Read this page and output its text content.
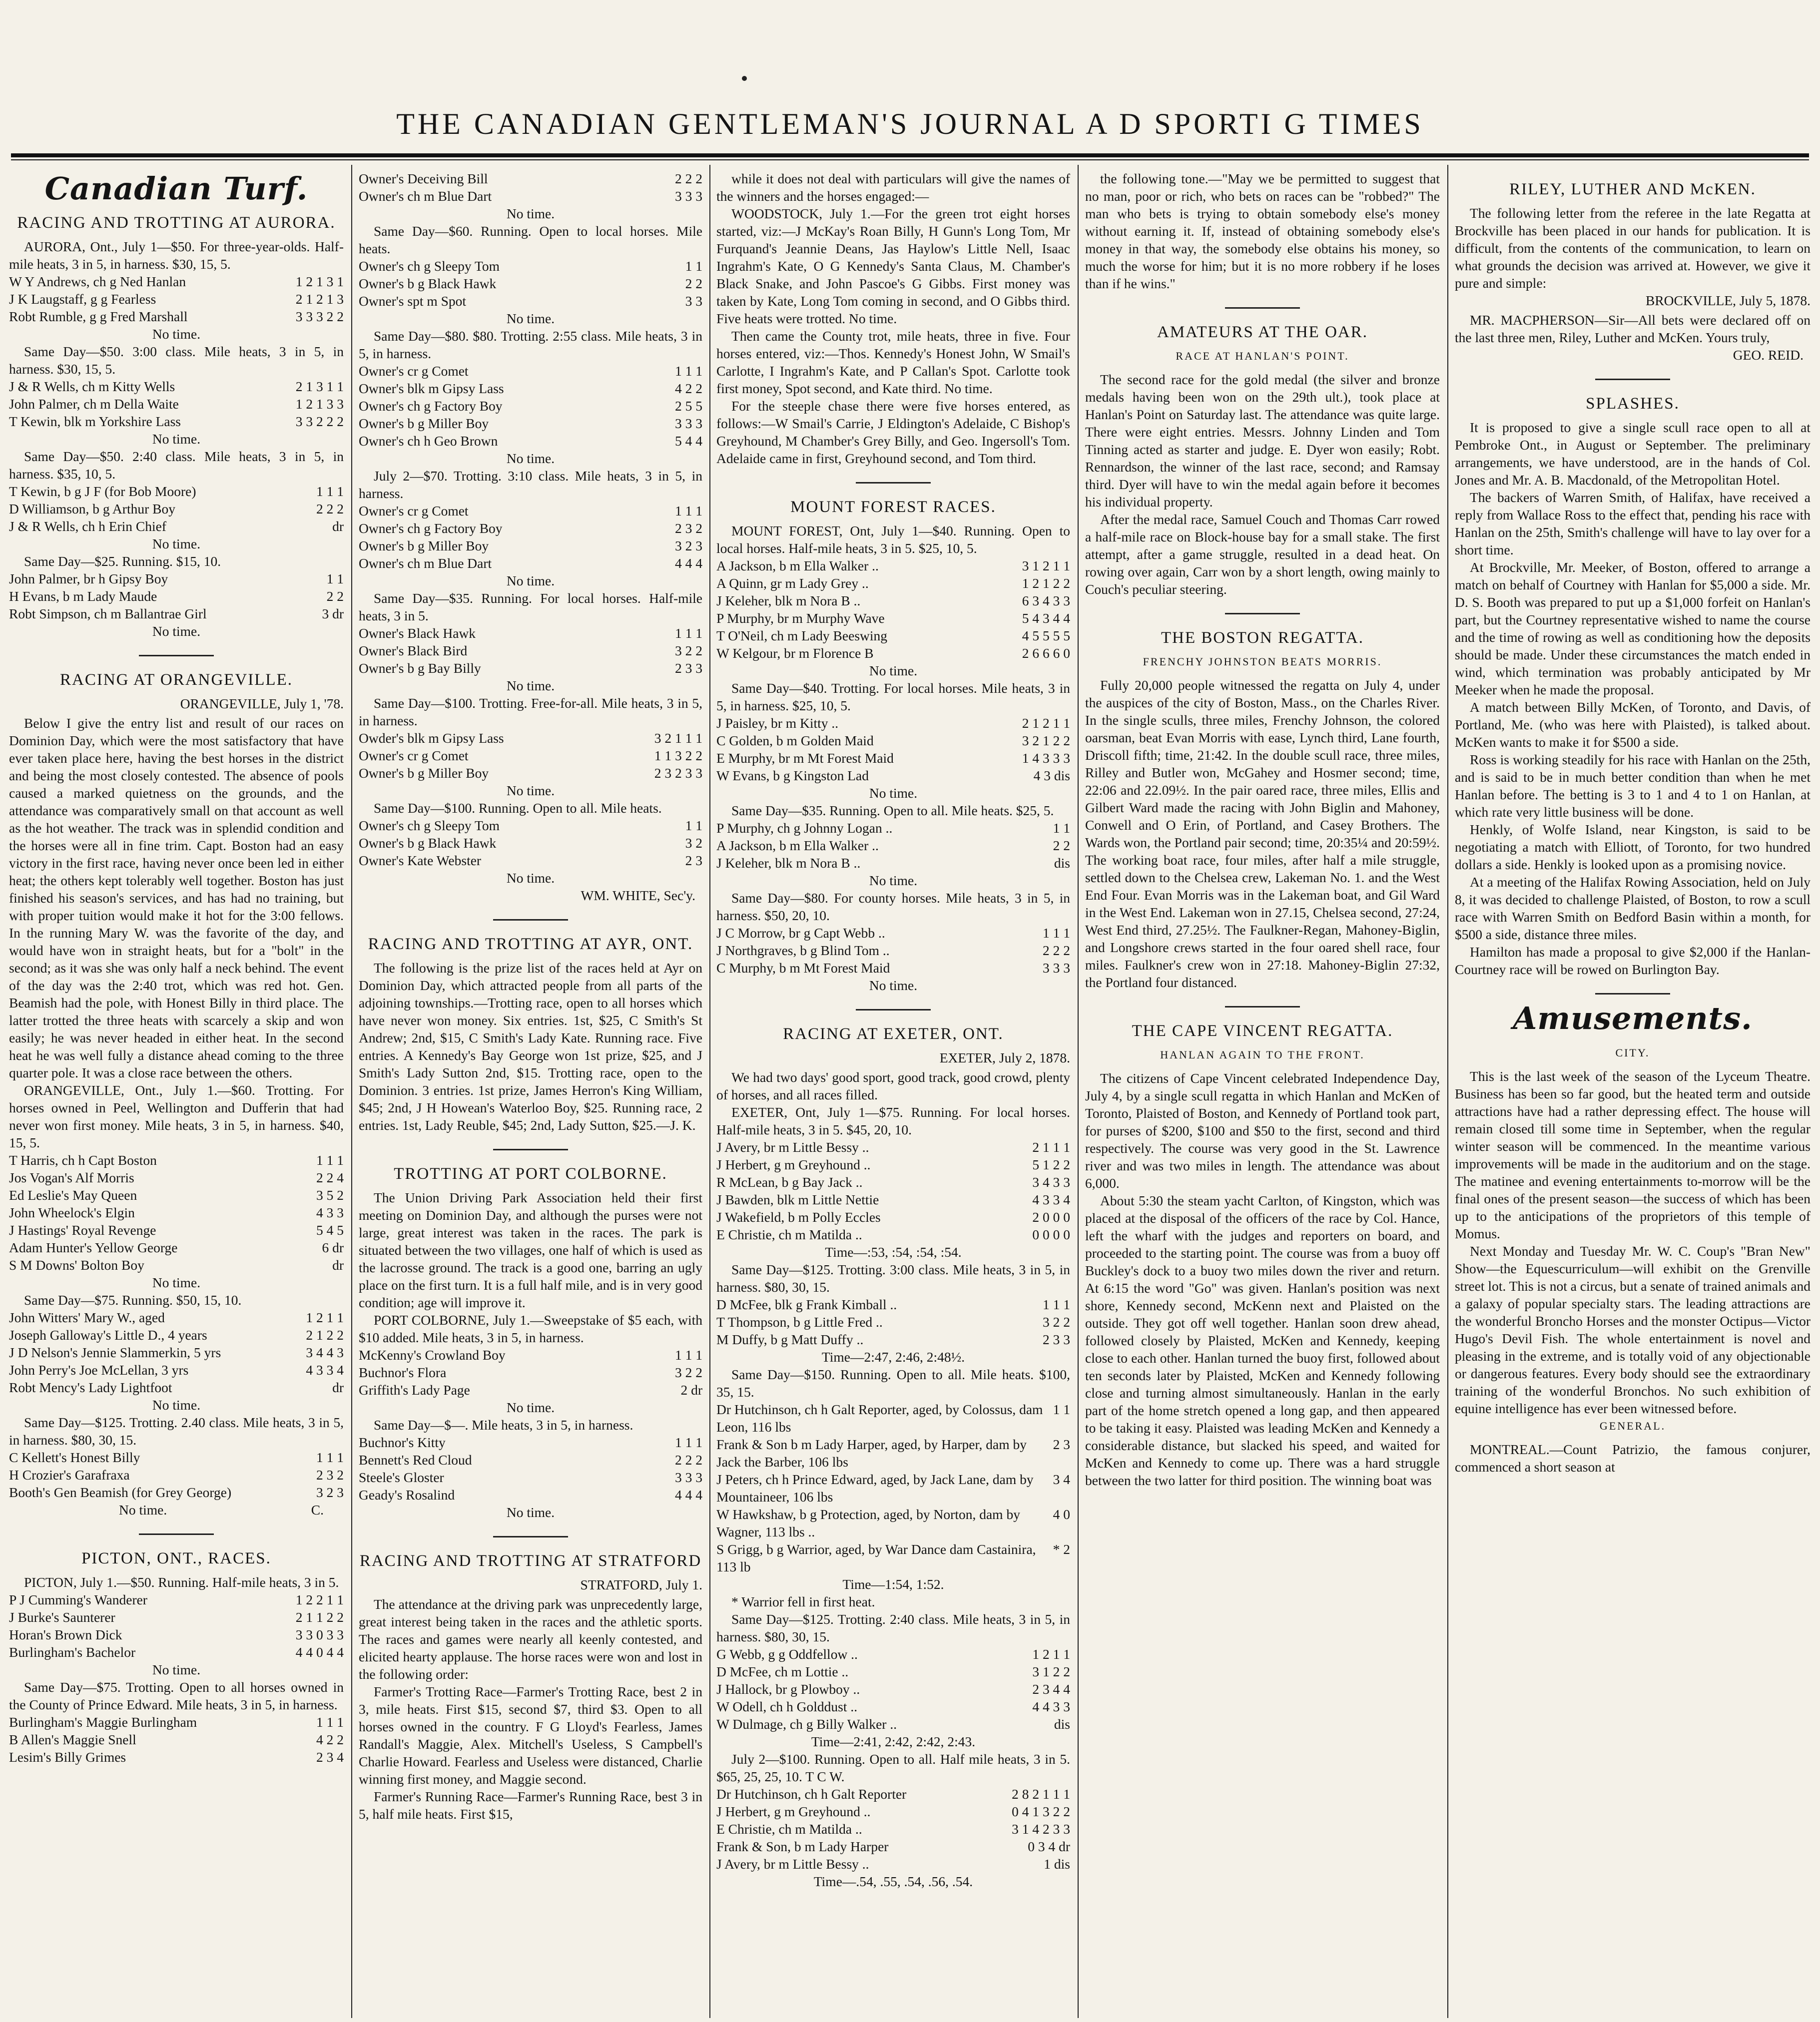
THE CANADIAN GENTLEMAN'S JOURNAL A D SPORTI G TIMES
Canadian Turf.
RACING AND TROTTING AT AURORA.

AURORA, Ont., July 1—$50. For three-year-olds. Half-mile heats, 3 in 5, in harness. $30, 15, 5.

W Y Andrews, ch g Ned Hanlan	1 2 1 3 1
J K Laugstaff, g g Fearless	2 1 2 1 3
Robt Rumble, g g Fred Marshall	3 3 3 2 2
No time.

Same Day—$50. 3:00 class. Mile heats, 3 in 5, in harness. $30, 15, 5.

J & R Wells, ch m Kitty Wells	2 1 3 1 1
John Palmer, ch m Della Waite	1 2 1 3 3
T Kewin, blk m Yorkshire Lass	3 3 2 2 2
No time.

Same Day—$50. 2:40 class. Mile heats, 3 in 5, in harness. $35, 10, 5.

T Kewin, b g J F (for Bob Moore)	1 1 1
D Williamson, b g Arthur Boy	2 2 2
J & R Wells, ch h Erin Chief	dr
No time.

Same Day—$25. Running. $15, 10.

John Palmer, br h Gipsy Boy	1 1
H Evans, b m Lady Maude	2 2
Robt Simpson, ch m Ballantrae Girl	3 dr
No time.
RACING AT ORANGEVILLE.
ORANGEVILLE, July 1, '78.

Below I give the entry list and result of our races on Dominion Day, which were the most satisfactory that have ever taken place here, having the best horses in the district and being the most closely contested. The absence of pools caused a marked quietness on the grounds, and the attendance was comparatively small on that account as well as the hot weather. The track was in splendid condition and the horses were all in fine trim. Capt. Boston had an easy victory in the first race, having never once been led in either heat; the others kept tolerably well together. Boston has just finished his season's services, and has had no training, but with proper tuition would make it hot for the 3:00 fellows. In the running Mary W. was the favorite of the day, and would have won in straight heats, but for a "bolt" in the second; as it was she was only half a neck behind. The event of the day was the 2:40 trot, which was red hot. Gen. Beamish had the pole, with Honest Billy in third place. The latter trotted the three heats with scarcely a skip and won easily; he was never headed in either heat. In the second heat he was well fully a distance ahead coming to the three quarter pole. It was a close race between the others.

ORANGEVILLE, Ont., July 1.—$60. Trotting. For horses owned in Peel, Wellington and Dufferin that had never won first money. Mile heats, 3 in 5, in harness. $40, 15, 5.

T Harris, ch h Capt Boston	1 1 1
Jos Vogan's Alf Morris	2 2 4
Ed Leslie's May Queen	3 5 2
John Wheelock's Elgin	4 3 3
J Hastings' Royal Revenge	5 4 5
Adam Hunter's Yellow George	6 dr
S M Downs' Bolton Boy	dr
No time.

Same Day—$75. Running. $50, 15, 10.

John Witters' Mary W., aged	1 2 1 1
Joseph Galloway's Little D., 4 years	2 1 2 2
J D Nelson's Jennie Slammerkin, 5 yrs	3 4 4 3
John Perry's Joe McLellan, 3 yrs	4 3 3 4
Robt Mency's Lady Lightfoot	dr
No time.

Same Day—$125. Trotting. 2.40 class. Mile heats, 3 in 5, in harness. $80, 30, 15.

C Kellett's Honest Billy	1 1 1
H Crozier's Garafraxa	2 3 2
Booth's Gen Beamish (for Grey George)	3 2 3
No time.	C.
PICTON, ONT., RACES.

PICTON, July 1.—$50. Running. Half-mile heats, 3 in 5.

P J Cumming's Wanderer	1 2 2 1 1
J Burke's Saunterer	2 1 1 2 2
Horan's Brown Dick	3 3 0 3 3
Burlingham's Bachelor	4 4 0 4 4
No time.

Same Day—$75. Trotting. Open to all horses owned in the County of Prince Edward. Mile heats, 3 in 5, in harness.

Burlingham's Maggie Burlingham	1 1 1
B Allen's Maggie Snell	4 2 2
Lesim's Billy Grimes	2 3 4
Owner's Deceiving Bill	2 2 2
Owner's ch m Blue Dart	3 3 3
No time.

Same Day—$60. Running. Open to local horses. Mile heats.

Owner's ch g Sleepy Tom	1 1
Owner's b g Black Hawk	2 2
Owner's spt m Spot	3 3
No time.

Same Day—$80. $80. Trotting. 2:55 class. Mile heats, 3 in 5, in harness.

Owner's cr g Comet	1 1 1
Owner's blk m Gipsy Lass	4 2 2
Owner's ch g Factory Boy	2 5 5
Owner's b g Miller Boy	3 3 3
Owner's ch h Geo Brown	5 4 4
No time.

July 2—$70. Trotting. 3:10 class. Mile heats, 3 in 5, in harness.

Owner's cr g Comet	1 1 1
Owner's ch g Factory Boy	2 3 2
Owner's b g Miller Boy	3 2 3
Owner's ch m Blue Dart	4 4 4
No time.

Same Day—$35. Running. For local horses. Half-mile heats, 3 in 5.

Owner's Black Hawk	1 1 1
Owner's Black Bird	3 2 2
Owner's b g Bay Billy	2 3 3
No time.

Same Day—$100. Trotting. Free-for-all. Mile heats, 3 in 5, in harness.

Owder's blk m Gipsy Lass	3 2 1 1 1
Owner's cr g Comet	1 1 3 2 2
Owner's b g Miller Boy	2 3 2 3 3
No time.

Same Day—$100. Running. Open to all. Mile heats.

Owner's ch g Sleepy Tom	1 1
Owner's b g Black Hawk	3 2
Owner's Kate Webster	2 3
No time.
WM. WHITE, Sec'y.
RACING AND TROTTING AT AYR, ONT.

The following is the prize list of the races held at Ayr on Dominion Day, which attracted people from all parts of the adjoining townships.—Trotting race, open to all horses which have never won money. Six entries. 1st, $25, C Smith's St Andrew; 2nd, $15, C Smith's Lady Kate. Running race. Five entries. A Kennedy's Bay George won 1st prize, $25, and J Smith's Lady Sutton 2nd, $15. Trotting race, open to the Dominion. 3 entries. 1st prize, James Herron's King William, $45; 2nd, J H Howean's Waterloo Boy, $25. Running race, 2 entries. 1st, Lady Reuble, $45; 2nd, Lady Sutton, $25.—J. K.

TROTTING AT PORT COLBORNE.

The Union Driving Park Association held their first meeting on Dominion Day, and although the purses were not large, great interest was taken in the races. The park is situated between the two villages, one half of which is used as the lacrosse ground. The track is a good one, barring an ugly place on the first turn. It is a full half mile, and is in very good condition; age will improve it.

PORT COLBORNE, July 1.—Sweepstake of $5 each, with $10 added. Mile heats, 3 in 5, in harness.

McKenny's Crowland Boy	1 1 1
Buchnor's Flora	3 2 2
Griffith's Lady Page	2 dr
No time.

Same Day—$—. Mile heats, 3 in 5, in harness.

Buchnor's Kitty	1 1 1
Bennett's Red Cloud	2 2 2
Steele's Gloster	3 3 3
Geady's Rosalind	4 4 4
No time.
RACING AND TROTTING AT STRATFORD
STRATFORD, July 1.

The attendance at the driving park was unprecedently large, great interest being taken in the races and the athletic sports. The races and games were nearly all keenly contested, and elicited hearty applause. The horse races were won and lost in the following order:

Farmer's Trotting Race—Farmer's Trotting Race, best 2 in 3, mile heats. First $15, second $7, third $3. Open to all horses owned in the country. F G Lloyd's Fearless, James Randall's Maggie, Alex. Mitchell's Useless, S Campbell's Charlie Howard. Fearless and Useless were distanced, Charlie winning first money, and Maggie second.

Farmer's Running Race—Farmer's Running Race, best 3 in 5, half mile heats. First $15,

while it does not deal with particulars will give the names of the winners and the horses engaged:—

WOODSTOCK, July 1.—For the green trot eight horses started, viz:—J McKay's Roan Billy, H Gunn's Long Tom, Mr Furquand's Jeannie Deans, Jas Haylow's Little Nell, Isaac Ingrahm's Kate, O G Kennedy's Santa Claus, M. Chamber's Black Snake, and John Pascoe's G Gibbs. First money was taken by Kate, Long Tom coming in second, and O Gibbs third. Five heats were trotted. No time.

Then came the County trot, mile heats, three in five. Four horses entered, viz:—Thos. Kennedy's Honest John, W Smail's Carlotte, I Ingrahm's Kate, and P Callan's Spot. Carlotte took first money, Spot second, and Kate third. No time.

For the steeple chase there were five horses entered, as follows:—W Smail's Carrie, J Eldington's Adelaide, C Bishop's Greyhound, M Chamber's Grey Billy, and Geo. Ingersoll's Tom. Adelaide came in first, Greyhound second, and Tom third.

MOUNT FOREST RACES.

MOUNT FOREST, Ont, July 1—$40. Running. Open to local horses. Half-mile heats, 3 in 5. $25, 10, 5.

A Jackson, b m Ella Walker ..	3 1 2 1 1
A Quinn, gr m Lady Grey ..	1 2 1 2 2
J Keleher, blk m Nora B ..	6 3 4 3 3
P Murphy, br m Murphy Wave	5 4 3 4 4
T O'Neil, ch m Lady Beeswing	4 5 5 5 5
W Kelgour, br m Florence B	2 6 6 6 0
No time.

Same Day—$40. Trotting. For local horses. Mile heats, 3 in 5, in harness. $25, 10, 5.

J Paisley, br m Kitty ..	2 1 2 1 1
C Golden, b m Golden Maid	3 2 1 2 2
E Murphy, br m Mt Forest Maid	1 4 3 3 3
W Evans, b g Kingston Lad	4 3 dis
No time.

Same Day—$35. Running. Open to all. Mile heats. $25, 5.

P Murphy, ch g Johnny Logan ..	1 1
A Jackson, b m Ella Walker ..	2 2
J Keleher, blk m Nora B ..	dis
No time.

Same Day—$80. For county horses. Mile heats, 3 in 5, in harness. $50, 20, 10.

J C Morrow, br g Capt Webb ..	1 1 1
J Northgraves, b g Blind Tom ..	2 2 2
C Murphy, b m Mt Forest Maid	3 3 3
No time.
RACING AT EXETER, ONT.
EXETER, July 2, 1878.

We had two days' good sport, good track, good crowd, plenty of horses, and all races filled.

EXETER, Ont, July 1—$75. Running. For local horses. Half-mile heats, 3 in 5. $45, 20, 10.

J Avery, br m Little Bessy ..	2 1 1 1
J Herbert, g m Greyhound ..	5 1 2 2
R McLean, b g Bay Jack ..	3 4 3 3
J Bawden, blk m Little Nettie	4 3 3 4
J Wakefield, b m Polly Eccles	2 0 0 0
E Christie, ch m Matilda ..	0 0 0 0
Time—:53, :54, :54, :54.

Same Day—$125. Trotting. 3:00 class. Mile heats, 3 in 5, in harness. $80, 30, 15.

D McFee, blk g Frank Kimball ..	1 1 1
T Thompson, b g Little Fred ..	3 2 2
M Duffy, b g Matt Duffy ..	2 3 3
Time—2:47, 2:46, 2:48½.

Same Day—$150. Running. Open to all. Mile heats. $100, 35, 15.

Dr Hutchinson, ch h Galt Reporter, aged, by Colossus, dam Leon, 116 lbs
1 1
Frank & Son b m Lady Harper, aged, by Harper, dam by Jack the Barber, 106 lbs
2 3
J Peters, ch h Prince Edward, aged, by Jack Lane, dam by Mountaineer, 106 lbs
3 4
W Hawkshaw, b g Protection, aged, by Norton, dam by Wagner, 113 lbs ..
4 0
S Grigg, b g Warrior, aged, by War Dance dam Castainira, 113 lb
* 2
Time—1:54, 1:52.

* Warrior fell in first heat.

Same Day—$125. Trotting. 2:40 class. Mile heats, 3 in 5, in harness. $80, 30, 15.

G Webb, g g Oddfellow ..	1 2 1 1
D McFee, ch m Lottie ..	3 1 2 2
J Hallock, br g Plowboy ..	2 3 4 4
W Odell, ch h Golddust ..	4 4 3 3
W Dulmage, ch g Billy Walker ..	dis
Time—2:41, 2:42, 2:42, 2:43.

July 2—$100. Running. Open to all. Half mile heats, 3 in 5. $65, 25, 25, 10. T C W.

Dr Hutchinson, ch h Galt Reporter	2 8 2 1 1 1
J Herbert, g m Greyhound ..	0 4 1 3 2 2
E Christie, ch m Matilda ..	3 1 4 2 3 3
Frank & Son, b m Lady Harper	0 3 4 dr
J Avery, br m Little Bessy ..	1 dis
Time—.54, .55, .54, .56, .54.

the following tone.—"May we be permitted to suggest that no man, poor or rich, who bets on races can be "robbed?" The man who bets is trying to obtain somebody else's money without earning it. If, instead of obtaining somebody else's money in that way, the somebody else obtains his money, so much the worse for him; but it is no more robbery if he loses than if he wins."

AMATEURS AT THE OAR.
RACE AT HANLAN'S POINT.

The second race for the gold medal (the silver and bronze medals having been won on the 29th ult.), took place at Hanlan's Point on Saturday last. The attendance was quite large. There were eight entries. Messrs. Johnny Linden and Tom Tinning acted as starter and judge. E. Dyer won easily; Robt. Rennardson, the winner of the last race, second; and Ramsay third. Dyer will have to win the medal again before it becomes his individual property.

After the medal race, Samuel Couch and Thomas Carr rowed a half-mile race on Block-house bay for a small stake. The first attempt, after a game struggle, resulted in a dead heat. On rowing over again, Carr won by a short length, owing mainly to Couch's peculiar steering.

THE BOSTON REGATTA.
FRENCHY JOHNSTON BEATS MORRIS.

Fully 20,000 people witnessed the regatta on July 4, under the auspices of the city of Boston, Mass., on the Charles River. In the single sculls, three miles, Frenchy Johnson, the colored oarsman, beat Evan Morris with ease, Lynch third, Lane fourth, Driscoll fifth; time, 21:42. In the double scull race, three miles, Rilley and Butler won, McGahey and Hosmer second; time, 22:06 and 22.09½. In the pair oared race, three miles, Ellis and Gilbert Ward made the racing with John Biglin and Mahoney, Conwell and O Erin, of Portland, and Casey Brothers. The Wards won, the Portland pair second; time, 20:35¼ and 20:59½. The working boat race, four miles, after half a mile struggle, settled down to the Chelsea crew, Lakeman No. 1. and the West End Four. Evan Morris was in the Lakeman boat, and Gil Ward in the West End. Lakeman won in 27.15, Chelsea second, 27:24, West End third, 27.25½. The Faulkner-Regan, Mahoney-Biglin, and Longshore crews started in the four oared shell race, four miles. Faulkner's crew won in 27:18. Mahoney-Biglin 27:32, the Portland four distanced.

THE CAPE VINCENT REGATTA.
HANLAN AGAIN TO THE FRONT.

The citizens of Cape Vincent celebrated Independence Day, July 4, by a single scull regatta in which Hanlan and McKen of Toronto, Plaisted of Boston, and Kennedy of Portland took part, for purses of $200, $100 and $50 to the first, second and third respectively. The course was very good in the St. Lawrence river and was two miles in length. The attendance was about 6,000.

About 5:30 the steam yacht Carlton, of Kingston, which was placed at the disposal of the officers of the race by Col. Hance, left the wharf with the judges and reporters on board, and proceeded to the starting point. The course was from a buoy off Buckley's dock to a buoy two miles down the river and return. At 6:15 the word "Go" was given. Hanlan's position was next shore, Kennedy second, McKenn next and Plaisted on the outside. They got off well together. Hanlan soon drew ahead, followed closely by Plaisted, McKen and Kennedy, keeping close to each other. Hanlan turned the buoy first, followed about ten seconds later by Plaisted, McKen and Kennedy following close and turning almost simultaneously. Hanlan in the early part of the home stretch opened a long gap, and then appeared to be taking it easy. Plaisted was leading McKen and Kennedy a considerable distance, but slacked his speed, and waited for McKen and Kennedy to come up. There was a hard struggle between the two latter for third position. The winning boat was

RILEY, LUTHER AND McKEN.

The following letter from the referee in the late Regatta at Brockville has been placed in our hands for publication. It is difficult, from the contents of the communication, to learn on what grounds the decision was arrived at. However, we give it pure and simple:

BROCKVILLE, July 5, 1878.

MR. MACPHERSON—Sir—All bets were declared off on the last three men, Riley, Luther and McKen. Yours truly,

GEO. REID.
SPLASHES.

It is proposed to give a single scull race open to all at Pembroke Ont., in August or September. The preliminary arrangements, we have understood, are in the hands of Col. Jones and Mr. A. B. Macdonald, of the Metropolitan Hotel.

The backers of Warren Smith, of Halifax, have received a reply from Wallace Ross to the effect that, pending his race with Hanlan on the 25th, Smith's challenge will have to lay over for a short time.

At Brockville, Mr. Meeker, of Boston, offered to arrange a match on behalf of Courtney with Hanlan for $5,000 a side. Mr. D. S. Booth was prepared to put up a $1,000 forfeit on Hanlan's part, but the Courtney representative wished to name the course and the time of rowing as well as conditioning how the deposits should be made. Under these circumstances the match ended in wind, which termination was probably anticipated by Mr Meeker when he made the proposal.

A match between Billy McKen, of Toronto, and Davis, of Portland, Me. (who was here with Plaisted), is talked about. McKen wants to make it for $500 a side.

Ross is working steadily for his race with Hanlan on the 25th, and is said to be in much better condition than when he met Hanlan before. The betting is 3 to 1 and 4 to 1 on Hanlan, at which rate very little business will be done.

Henkly, of Wolfe Island, near Kingston, is said to be negotiating a match with Elliott, of Toronto, for two hundred dollars a side. Henkly is looked upon as a promising novice.

At a meeting of the Halifax Rowing Association, held on July 8, it was decided to challenge Plaisted, of Boston, to row a scull race with Warren Smith on Bedford Basin within a month, for $500 a side, distance three miles.

Hamilton has made a proposal to give $2,000 if the Hanlan-Courtney race will be rowed on Burlington Bay.

Amusements.
CITY.

This is the last week of the season of the Lyceum Theatre. Business has been so far good, but the heated term and outside attractions have had a rather depressing effect. The house will remain closed till some time in September, when the regular winter season will be commenced. In the meantime various improvements will be made in the auditorium and on the stage. The matinee and evening entertainments to-morrow will be the final ones of the present season—the success of which has been up to the anticipations of the proprietors of this temple of Momus.

Next Monday and Tuesday Mr. W. C. Coup's "Bran New" Show—the Equescurriculum—will exhibit on the Grenville street lot. This is not a circus, but a senate of trained animals and a galaxy of popular specialty stars. The leading attractions are the wonderful Broncho Horses and the monster Octipus—Victor Hugo's Devil Fish. The whole entertainment is novel and pleasing in the extreme, and is totally void of any objectionable or dangerous features. Every body should see the extraordinary training of the wonderful Bronchos. No such exhibition of equine intelligence has ever been witnessed before.

GENERAL.

MONTREAL.—Count Patrizio, the famous conjurer, commenced a short season at
